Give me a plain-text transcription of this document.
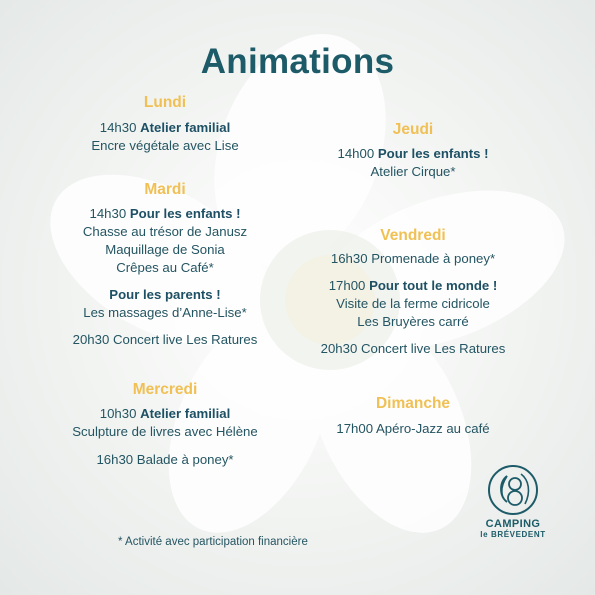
Animations
Lundi
14h30 Atelier familial
Encre végétale avec Lise
Mardi
14h30 Pour les enfants !
Chasse au trésor de Janusz
Maquillage de Sonia
Crêpes au Café*
Pour les parents !
Les massages d’Anne-Lise*
20h30 Concert live Les Ratures
Mercredi
10h30 Atelier familial
Sculpture de livres avec Hélène
16h30 Balade à poney*
Jeudi
14h00 Pour les enfants !
Atelier Cirque*
Vendredi
16h30 Promenade à poney*
17h00 Pour tout le monde !
Visite de la ferme cidricole
Les Bruyères carré
20h30 Concert live Les Ratures
Dimanche
17h00 Apéro-Jazz au café
* Activité avec participation financière
CAMPING
le BRÉVEDENT
